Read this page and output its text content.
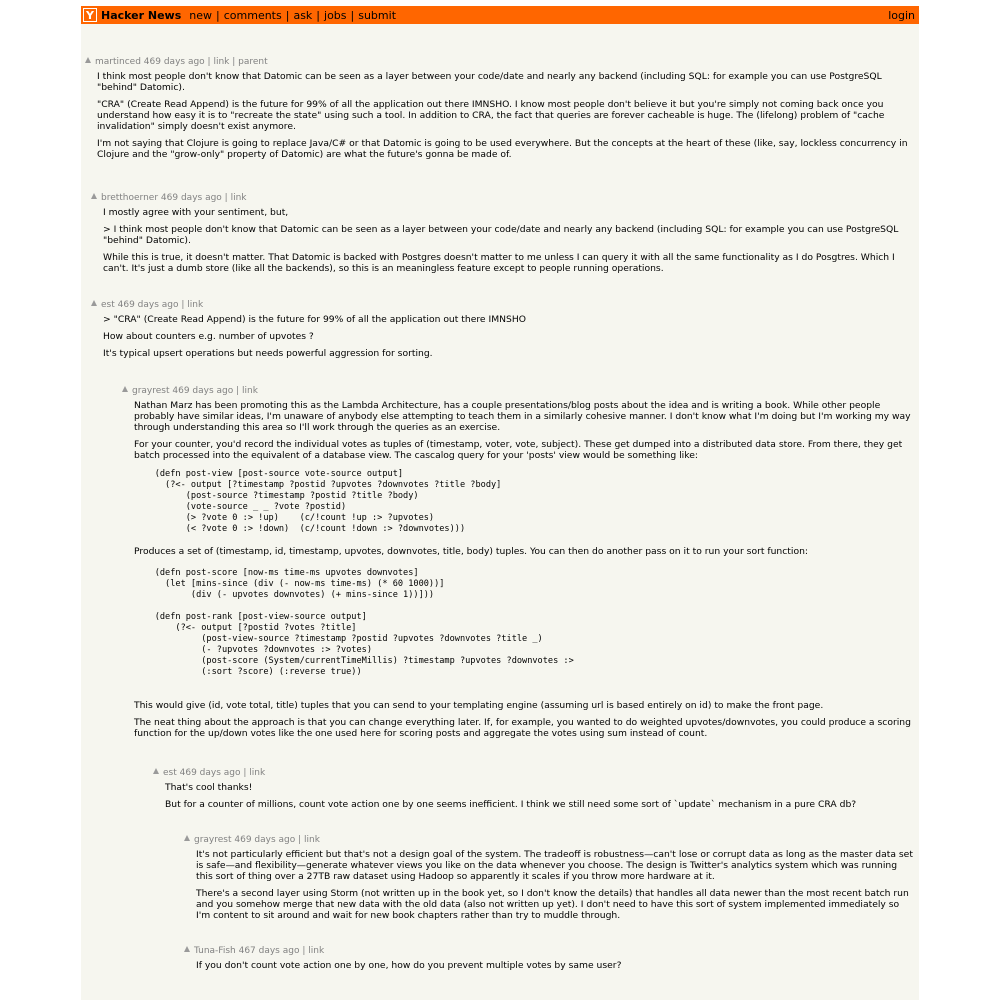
Y Hacker News new | comments | ask | jobs | submit	login
martinced 469 days ago | link | parent

I think most people don't know that Datomic can be seen as a layer between your code/date and nearly any backend (including SQL: for example you can use PostgreSQL "behind" Datomic).

"CRA" (Create Read Append) is the future for 99% of all the application out there IMNSHO. I know most people don't believe it but you're simply not coming back once you understand how easy it is to "recreate the state" using such a tool. In addition to CRA, the fact that queries are forever cacheable is huge. The (lifelong) problem of "cache invalidation" simply doesn't exist anymore.

I'm not saying that Clojure is going to replace Java/C# or that Datomic is going to be used everywhere. But the concepts at the heart of these (like, say, lockless concurrency in Clojure and the "grow-only" property of Datomic) are what the future's gonna be made of.

bretthoerner 469 days ago | link

I mostly agree with your sentiment, but,

> I think most people don't know that Datomic can be seen as a layer between your code/date and nearly any backend (including SQL: for example you can use PostgreSQL "behind" Datomic).

While this is true, it doesn't matter. That Datomic is backed with Postgres doesn't matter to me unless I can query it with all the same functionality as I do Posgtres. Which I can't. It's just a dumb store (like all the backends), so this is an meaningless feature except to people running operations.

est 469 days ago | link

> "CRA" (Create Read Append) is the future for 99% of all the application out there IMNSHO

How about counters e.g. number of upvotes ?

It's typical upsert operations but needs powerful aggression for sorting.

grayrest 469 days ago | link

Nathan Marz has been promoting this as the Lambda Architecture, has a couple presentations/blog posts about the idea and is writing a book. While other people probably have similar ideas, I'm unaware of anybody else attempting to teach them in a similarly cohesive manner. I don't know what I'm doing but I'm working my way through understanding this area so I'll work through the queries as an exercise.

For your counter, you'd record the individual votes as tuples of (timestamp, voter, vote, subject). These get dumped into a distributed data store. From there, they get batch processed into the equivalent of a database view. The cascalog query for your 'posts' view would be something like:

(defn post-view [post-source vote-source output]
(?<- output [?timestamp ?postid ?upvotes ?downvotes ?title ?body]
(post-source ?timestamp ?postid ?title ?body)
(vote-source _ _ ?vote ?postid)
(> ?vote 0 :> !up)    (c/!count !up :> ?upvotes)
(< ?vote 0 :> !down)  (c/!count !down :> ?downvotes)))

Produces a set of (timestamp, id, timestamp, upvotes, downvotes, title, body) tuples. You can then do another pass on it to run your sort function:

(defn post-score [now-ms time-ms upvotes downvotes]
(let [mins-since (div (- now-ms time-ms) (* 60 1000))]
(div (- upvotes downvotes) (+ mins-since 1))]))

(defn post-rank [post-view-source output]
(?<- output [?postid ?votes ?title]
(post-view-source ?timestamp ?postid ?upvotes ?downvotes ?title _)
(- ?upvotes ?downvotes :> ?votes)
(post-score (System/currentTimeMillis) ?timestamp ?upvotes ?downvotes :>
(:sort ?score) (:reverse true))

This would give (id, vote total, title) tuples that you can send to your templating engine (assuming url is based entirely on id) to make the front page.

The neat thing about the approach is that you can change everything later. If, for example, you wanted to do weighted upvotes/downvotes, you could produce a scoring function for the up/down votes like the one used here for scoring posts and aggregate the votes using sum instead of count.

est 469 days ago | link

That's cool thanks!

But for a counter of millions, count vote action one by one seems inefficient. I think we still need some sort of `update` mechanism in a pure CRA db?

grayrest 469 days ago | link

It's not particularly efficient but that's not a design goal of the system. The tradeoff is robustness—can't lose or corrupt data as long as the master data set is safe—and flexibility—generate whatever views you like on the data whenever you choose. The design is Twitter's analytics system which was running this sort of thing over a 27TB raw dataset using Hadoop so apparently it scales if you throw more hardware at it.

There's a second layer using Storm (not written up in the book yet, so I don't know the details) that handles all data newer than the most recent batch run and you somehow merge that new data with the old data (also not written up yet). I don't need to have this sort of system implemented immediately so I'm content to sit around and wait for new book chapters rather than try to muddle through.

Tuna-Fish 467 days ago | link

If you don't count vote action one by one, how do you prevent multiple votes by same user?
